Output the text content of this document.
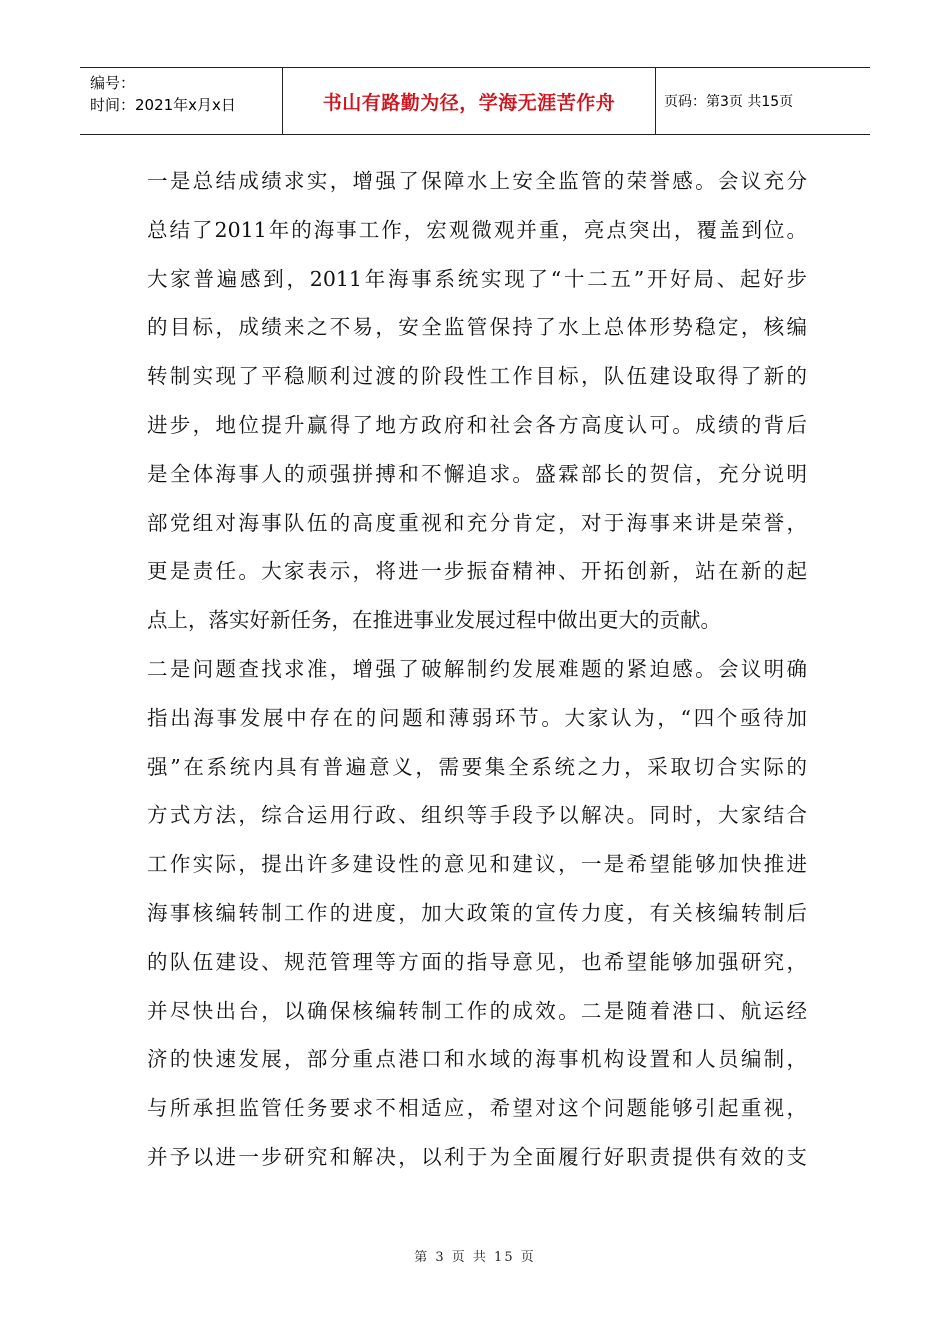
编号：
时间：2021年x月x日	书山有路勤为径，学海无涯苦作舟	页码：第3页 共15页
一是总结成绩求实，增强了保障水上安全监管的荣誉感。会议充分
总结了2011年的海事工作，宏观微观并重，亮点突出，覆盖到位。
大家普遍感到，2011年海事系统实现了“十二五”开好局、起好步
的目标，成绩来之不易，安全监管保持了水上总体形势稳定，核编
转制实现了平稳顺利过渡的阶段性工作目标，队伍建设取得了新的
进步，地位提升赢得了地方政府和社会各方高度认可。成绩的背后
是全体海事人的顽强拼搏和不懈追求。盛霖部长的贺信，充分说明
部党组对海事队伍的高度重视和充分肯定，对于海事来讲是荣誉，
更是责任。大家表示，将进一步振奋精神、开拓创新，站在新的起
点上，落实好新任务，在推进事业发展过程中做出更大的贡献。
二是问题查找求准，增强了破解制约发展难题的紧迫感。会议明确
指出海事发展中存在的问题和薄弱环节。大家认为，“四个亟待加
强”在系统内具有普遍意义，需要集全系统之力，采取切合实际的
方式方法，综合运用行政、组织等手段予以解决。同时，大家结合
工作实际，提出许多建设性的意见和建议，一是希望能够加快推进
海事核编转制工作的进度，加大政策的宣传力度，有关核编转制后
的队伍建设、规范管理等方面的指导意见，也希望能够加强研究，
并尽快出台，以确保核编转制工作的成效。二是随着港口、航运经
济的快速发展，部分重点港口和水域的海事机构设置和人员编制，
与所承担监管任务要求不相适应，希望对这个问题能够引起重视，
并予以进一步研究和解决，以利于为全面履行好职责提供有效的支
第 3 页 共 15 页
